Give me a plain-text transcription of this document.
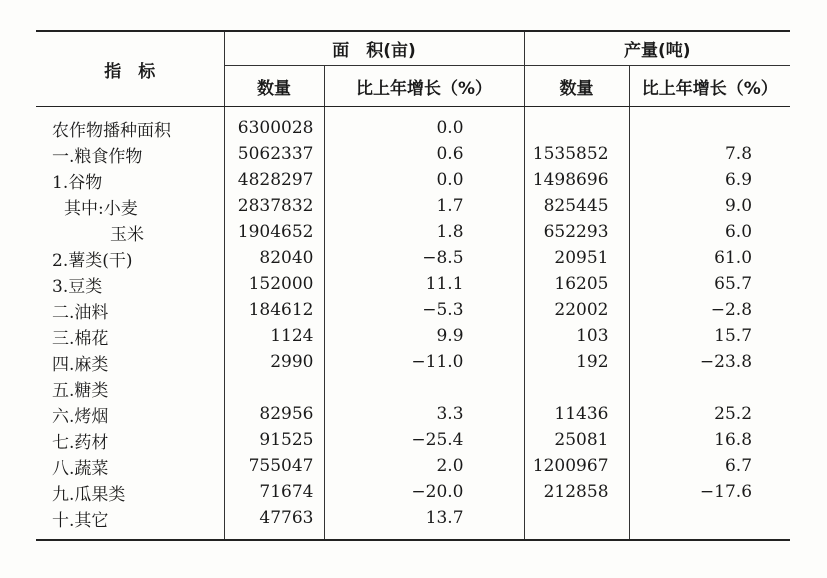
指　标	面　积(亩)		产量(吨)	
	数量	比上年增长（%）	数量	比上年增长（%）
农作物播种面积	6300028	0.0		
一.粮食作物	5062337	0.6	1535852	7.8
1.谷物	4828297	0.0	1498696	6.9
其中:小麦	2837832	1.7	825445	9.0
玉米	1904652	1.8	652293	6.0
2.薯类(干)	82040	−8.5	20951	61.0
3.豆类	152000	11.1	16205	65.7
二.油料	184612	−5.3	22002	−2.8
三.棉花	1124	9.9	103	15.7
四.麻类	2990	−11.0	192	−23.8
五.糖类				
六.烤烟	82956	3.3	11436	25.2
七.药材	91525	−25.4	25081	16.8
八.蔬菜	755047	2.0	1200967	6.7
九.瓜果类	71674	−20.0	212858	−17.6
十.其它	47763	13.7		
